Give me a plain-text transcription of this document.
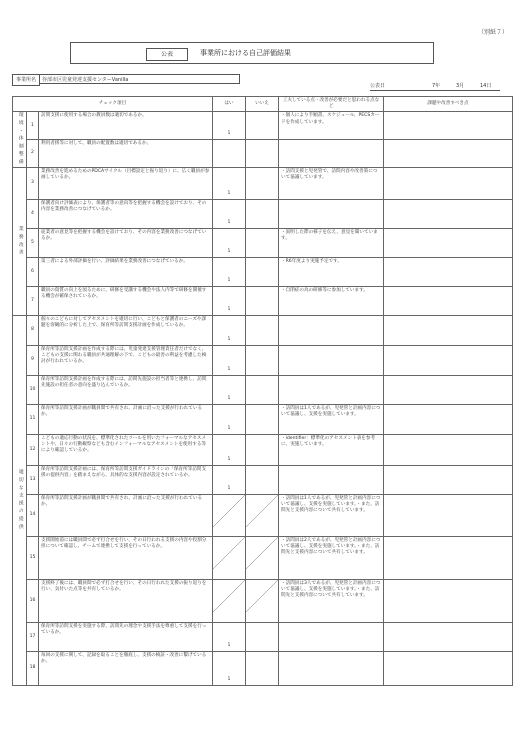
（別紙７）
公表	事業所における自己評価結果
事業所名	谷部市区児童発達支援センターVanilla
公表日	7年	3月	14日
チェック項目			はい	いいえ	工夫している点・改善が必要だと思われる点など	課題や改善すべき点

環境・体制整備	1	訪問支援に使用する場合の教員数は適切であるか。	1		・個人により手順書、スケジュール、PECSカードを作成しています。	
	2	利用者援等に対して、職員の配置数は適切であるか。	

業務改善	3	業務改善を進めるためのPDCAサイクル（目標設定と振り返り）に、広く職員が参画しているか。	1		・訪問支援と児発管で、訪問内容や改善策について協議しています。	
	4	保護者向け評価表により、保護者等の意向等を把握する機会を設けており、その内容を業務改善につなげているか。	1			

	5	従業者の意見等を把握する機会を設けており、その内容を業務改善につなげているか。	1		・説明した際の様子を伝え、意見を聞いています。	
	6	第三者による外部評価を行い、評価結果を業務改善につなげているか。	1		・R6年度より実施予定です。	
	7	職員の資質の向上を図るために、研修を受講する機会や法人内等で研修を開催する機会が確保されているか。	1		・自閉症の為の研修等に参加しています。	

適切な支援の提供	8	個々のこどもに対してアセスメントを適切に行い、こどもと保護者のニーズや課題を客観的に分析した上で、保育所等訪問支援計画を作成しているか。	1			

	9	保育所等訪問支援計画を作成する際には、児童発達支援管理責任者だけでなく、こどもの支援に関わる職員が共通理解の下で、こどもの最善の利益を考慮した検討が行われているか。	1			

	10	保育所等訪問支援計画を作成する際には、訪問先施設の担当者等と連携し、訪問先施設の担任者の意向を盛り込んでいるか。	1			

	11	保育所等訪問支援計画が職員間で共有され、計画に沿った支援が行われているか。	1		・訪問員は1人であるが、児発管と計画内容について協議し、支援を実施しています。	
	12	こどもの適応行動の状況を、標準化されたツールを用いたフォーマルなアセスメントや、日々の行動観察なども含むインフォーマルなアセスメントを使用する等により確認しているか。	1		・identifier：標準化のアセスメント表を参考に、実施しています。	
	13	保育所等訪問支援計画には、保育所等訪問支援ガイドラインの「保育所等訪問支援の提供内容」を踏まえながら、具体的な支援内容が設定されているか。	1			

	14	保育所等訪問支援計画が職員間で共有され、計画に沿った支援が行われているか。			・訪問員は1人であるが、児発管と計画内容について協議し、支援を実施しています。・また、訪問先と支援内容について共有しています。	
	15	支援開始前には職員間で必ず打合せを行い、その日行われる支援の内容や役割分担について確認し、チームで連携して支援を行っているか。			・訪問員は2人であるが、児発管と計画内容について協議し、支援を実施しています。・また、訪問先と支援内容について共有しています。	
	16	支援終了後には、職員間で必ず打合せを行い、その日行われた支援の振り返りを行い、気付いた点等を共有しているか。			・訪問員は3人であるが、児発管と計画内容について協議し、支援を実施しています。・また、訪問先と支援内容について共有しています。	
	17	保育所等訪問支援を実施する際、訪問先の理念や支援手法を尊重して支援を行っているか。	1			

	18	毎回の支援に関して、記録を取ることを徹底し、支援の検証・改善に繋げているか。	1			
